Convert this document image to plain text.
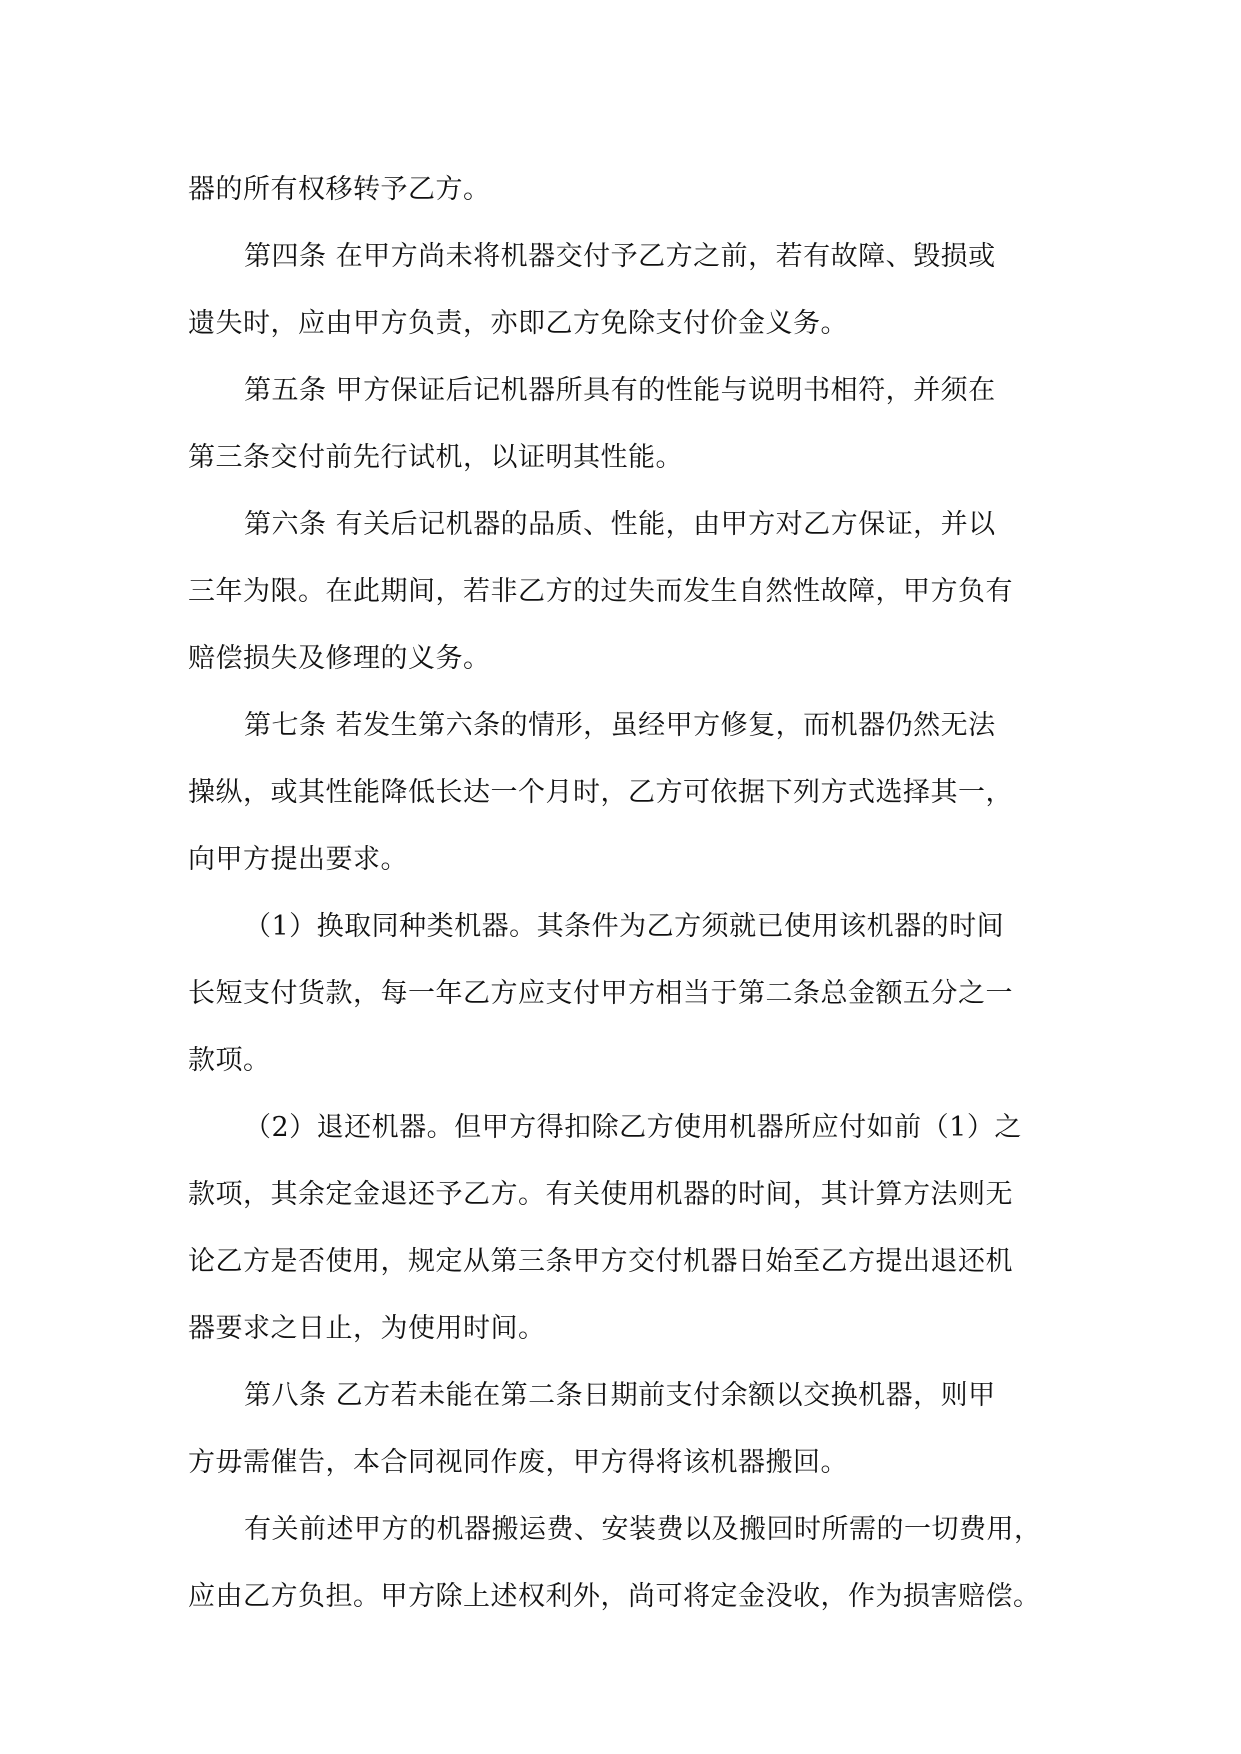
器的所有权移转予乙方。
第四条 在甲方尚未将机器交付予乙方之前，若有故障、毁损或
遗失时，应由甲方负责，亦即乙方免除支付价金义务。
第五条 甲方保证后记机器所具有的性能与说明书相符，并须在
第三条交付前先行试机，以证明其性能。
第六条 有关后记机器的品质、性能，由甲方对乙方保证，并以
三年为限。在此期间，若非乙方的过失而发生自然性故障，甲方负有
赔偿损失及修理的义务。
第七条 若发生第六条的情形，虽经甲方修复，而机器仍然无法
操纵，或其性能降低长达一个月时，乙方可依据下列方式选择其一，
向甲方提出要求。
（1）换取同种类机器。其条件为乙方须就已使用该机器的时间
长短支付货款，每一年乙方应支付甲方相当于第二条总金额五分之一
款项。
（2）退还机器。但甲方得扣除乙方使用机器所应付如前（1）之
款项，其余定金退还予乙方。有关使用机器的时间，其计算方法则无
论乙方是否使用，规定从第三条甲方交付机器日始至乙方提出退还机
器要求之日止，为使用时间。
第八条 乙方若未能在第二条日期前支付余额以交换机器，则甲
方毋需催告，本合同视同作废，甲方得将该机器搬回。
有关前述甲方的机器搬运费、安装费以及搬回时所需的一切费用，
应由乙方负担。甲方除上述权利外，尚可将定金没收，作为损害赔偿。
